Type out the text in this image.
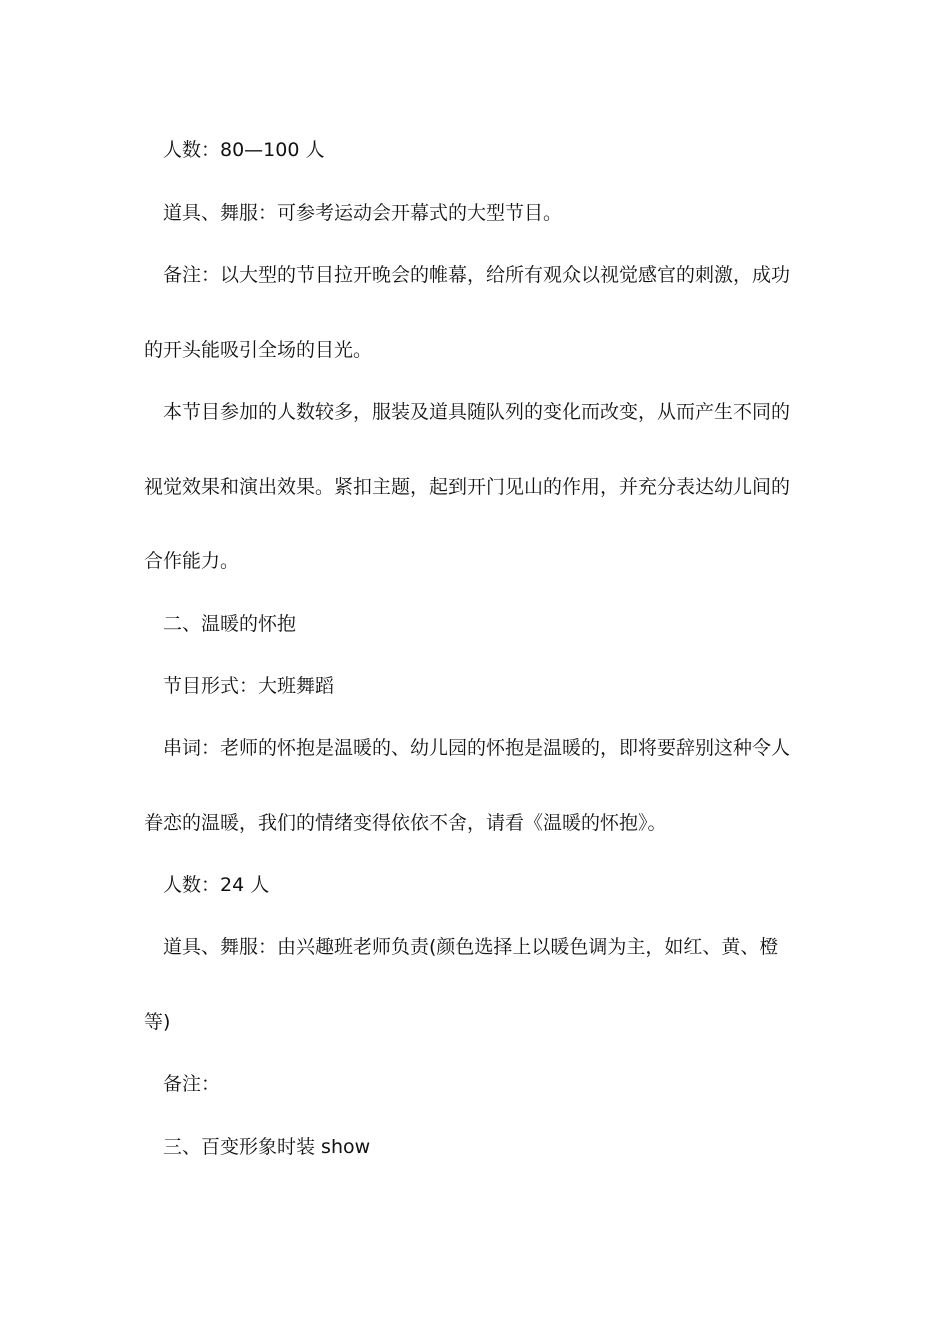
人数：80—100 人
道具、舞服：可参考运动会开幕式的大型节目。
备注：以大型的节目拉开晚会的帷幕，给所有观众以视觉感官的刺激，成功
的开头能吸引全场的目光。
本节目参加的人数较多，服装及道具随队列的变化而改变，从而产生不同的
视觉效果和演出效果。紧扣主题，起到开门见山的作用，并充分表达幼儿间的
合作能力。
二、温暖的怀抱
节目形式：大班舞蹈
串词：老师的怀抱是温暖的、幼儿园的怀抱是温暖的，即将要辞别这种令人
眷恋的温暖，我们的情绪变得依依不舍，请看《温暖的怀抱》。
人数：24 人
道具、舞服：由兴趣班老师负责(颜色选择上以暖色调为主，如红、黄、橙
等)
备注：
三、百变形象时装 show
